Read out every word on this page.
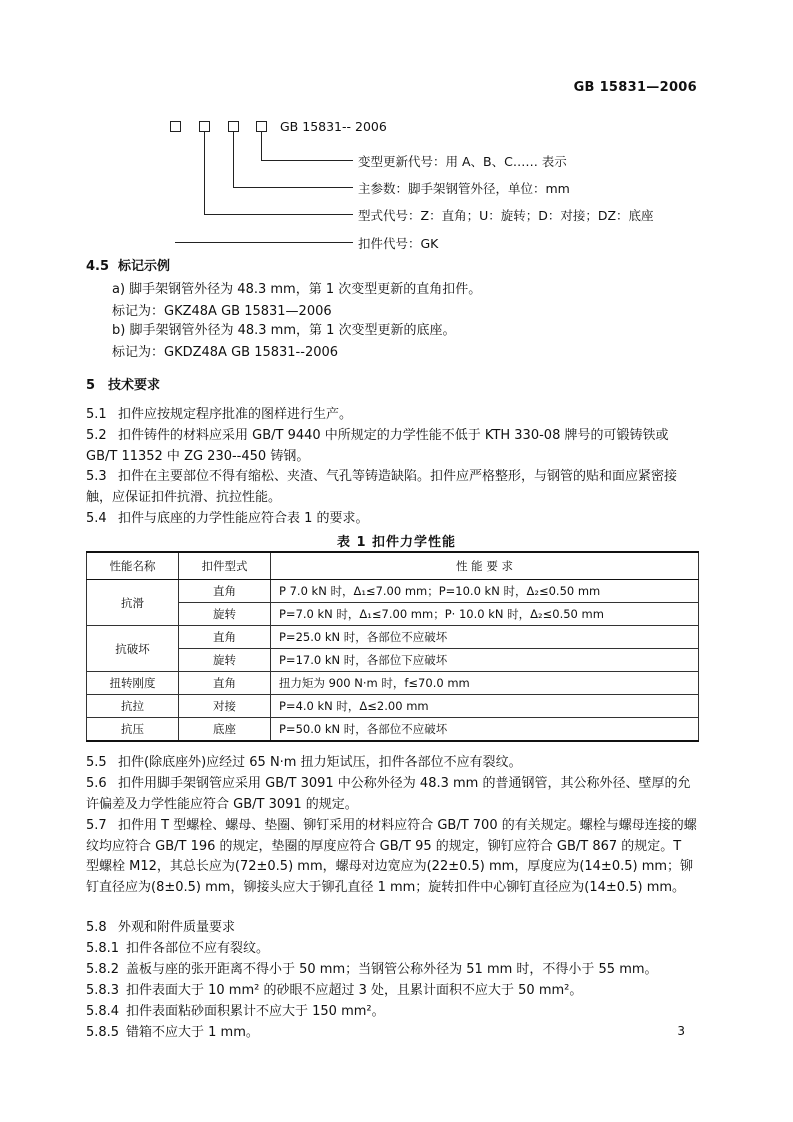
GB 15831—2006
GB 15831-- 2006
变型更新代号：用 A、B、C…… 表示
主参数：脚手架钢管外径，单位：mm
型式代号：Z：直角；U：旋转；D：对接；DZ：底座
扣件代号：GK
4.5 标记示例
a) 脚手架钢管外径为 48.3 mm，第 1 次变型更新的直角扣件。
标记为：GKZ48A GB 15831—2006
b) 脚手架钢管外径为 48.3 mm，第 1 次变型更新的底座。
标记为：GKDZ48A GB 15831--2006
5 技术要求
5.1 扣件应按规定程序批准的图样进行生产。
5.2 扣件铸件的材料应采用 GB/T 9440 中所规定的力学性能不低于 KTH 330-08 牌号的可锻铸铁或 GB/T 11352 中 ZG 230--450 铸钢。
5.3 扣件在主要部位不得有缩松、夹渣、气孔等铸造缺陷。扣件应严格整形，与钢管的贴和面应紧密接触，应保证扣件抗滑、抗拉性能。
5.4 扣件与底座的力学性能应符合表 1 的要求。
表 1 扣件力学性能
性能名称	扣件型式	性 能 要 求
抗滑	直角	P 7.0 kN 时，Δ₁≤7.00 mm；P=10.0 kN 时，Δ₂≤0.50 mm
	旋转	P=7.0 kN 时，Δ₁≤7.00 mm；P· 10.0 kN 时，Δ₂≤0.50 mm
抗破坏	直角	P=25.0 kN 时，各部位不应破坏
	旋转	P=17.0 kN 时，各部位下应破坏
扭转刚度	直角	扭力矩为 900 N·m 时，f≤70.0 mm
抗拉	对接	P=4.0 kN 时，Δ≤2.00 mm
抗压	底座	P=50.0 kN 时，各部位不应破坏
5.5 扣件(除底座外)应经过 65 N·m 扭力矩试压，扣件各部位不应有裂纹。
5.6 扣件用脚手架钢管应采用 GB/T 3091 中公称外径为 48.3 mm 的普通钢管，其公称外径、壁厚的允许偏差及力学性能应符合 GB/T 3091 的规定。
5.7 扣件用 T 型螺栓、螺母、垫圈、铆钉采用的材料应符合 GB/T 700 的有关规定。螺栓与螺母连接的螺纹均应符合 GB/T 196 的规定，垫圈的厚度应符合 GB/T 95 的规定，铆钉应符合 GB/T 867 的规定。T 型螺栓 M12，其总长应为(72±0.5) mm，螺母对边宽应为(22±0.5) mm，厚度应为(14±0.5) mm；铆钉直径应为(8±0.5) mm，铆接头应大于铆孔直径 1 mm；旋转扣件中心铆钉直径应为(14±0.5) mm。
5.8 外观和附件质量要求
5.8.1 扣件各部位不应有裂纹。
5.8.2 盖板与座的张开距离不得小于 50 mm；当钢管公称外径为 51 mm 时，不得小于 55 mm。
5.8.3 扣件表面大于 10 mm² 的砂眼不应超过 3 处，且累计面积不应大于 50 mm²。
5.8.4 扣件表面粘砂面积累计不应大于 150 mm²。
5.8.5 错箱不应大于 1 mm。	3
